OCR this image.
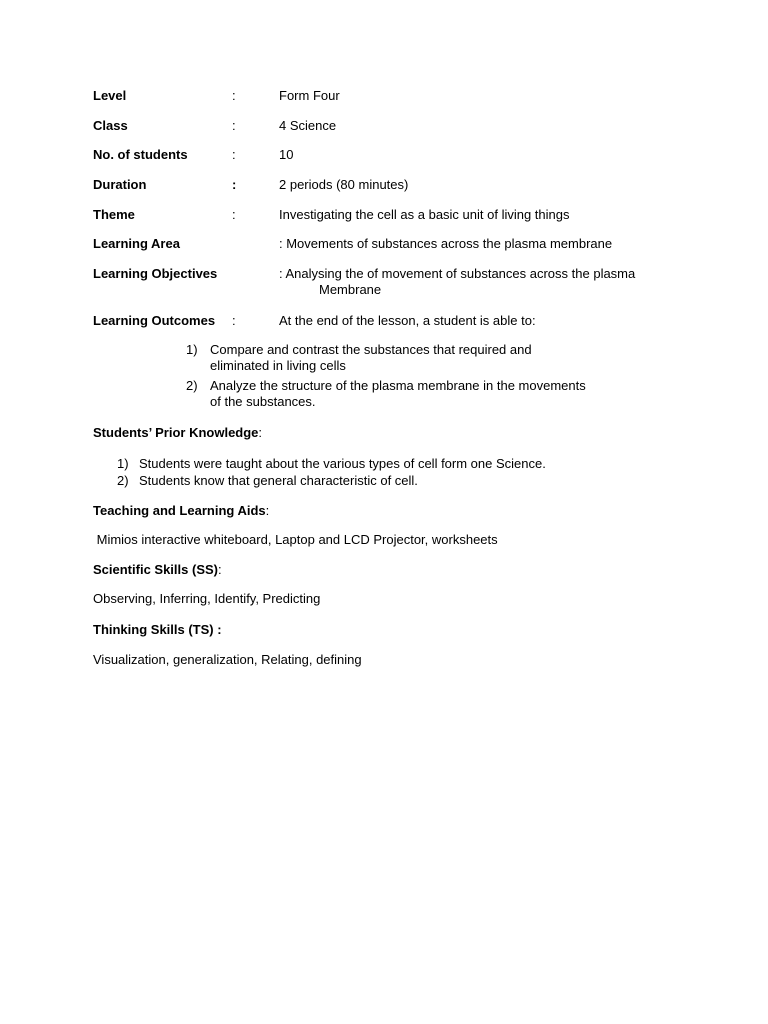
Level	:	Form Four
Class	:	4 Science
No. of students	:	10
Duration	:	2 periods (80 minutes)
Theme	:	Investigating the cell as a basic unit of living things
Learning Area	: Movements of substances across the plasma membrane
Learning Objectives	: Analysing the of movement of substances across the plasma
Membrane
Learning Outcomes :	At the end of the lesson, a student is able to:
1) Compare and contrast the substances that required and eliminated in living cells
2) Analyze the structure of the plasma membrane in the movements of the substances.
Students’ Prior Knowledge:
1) Students were taught about the various types of cell form one Science.
2) Students know that general characteristic of cell.
Teaching and Learning Aids:
Mimios interactive whiteboard, Laptop and LCD Projector, worksheets
Scientific Skills (SS):
Observing, Inferring, Identify, Predicting
Thinking Skills (TS) :
Visualization, generalization, Relating, defining
